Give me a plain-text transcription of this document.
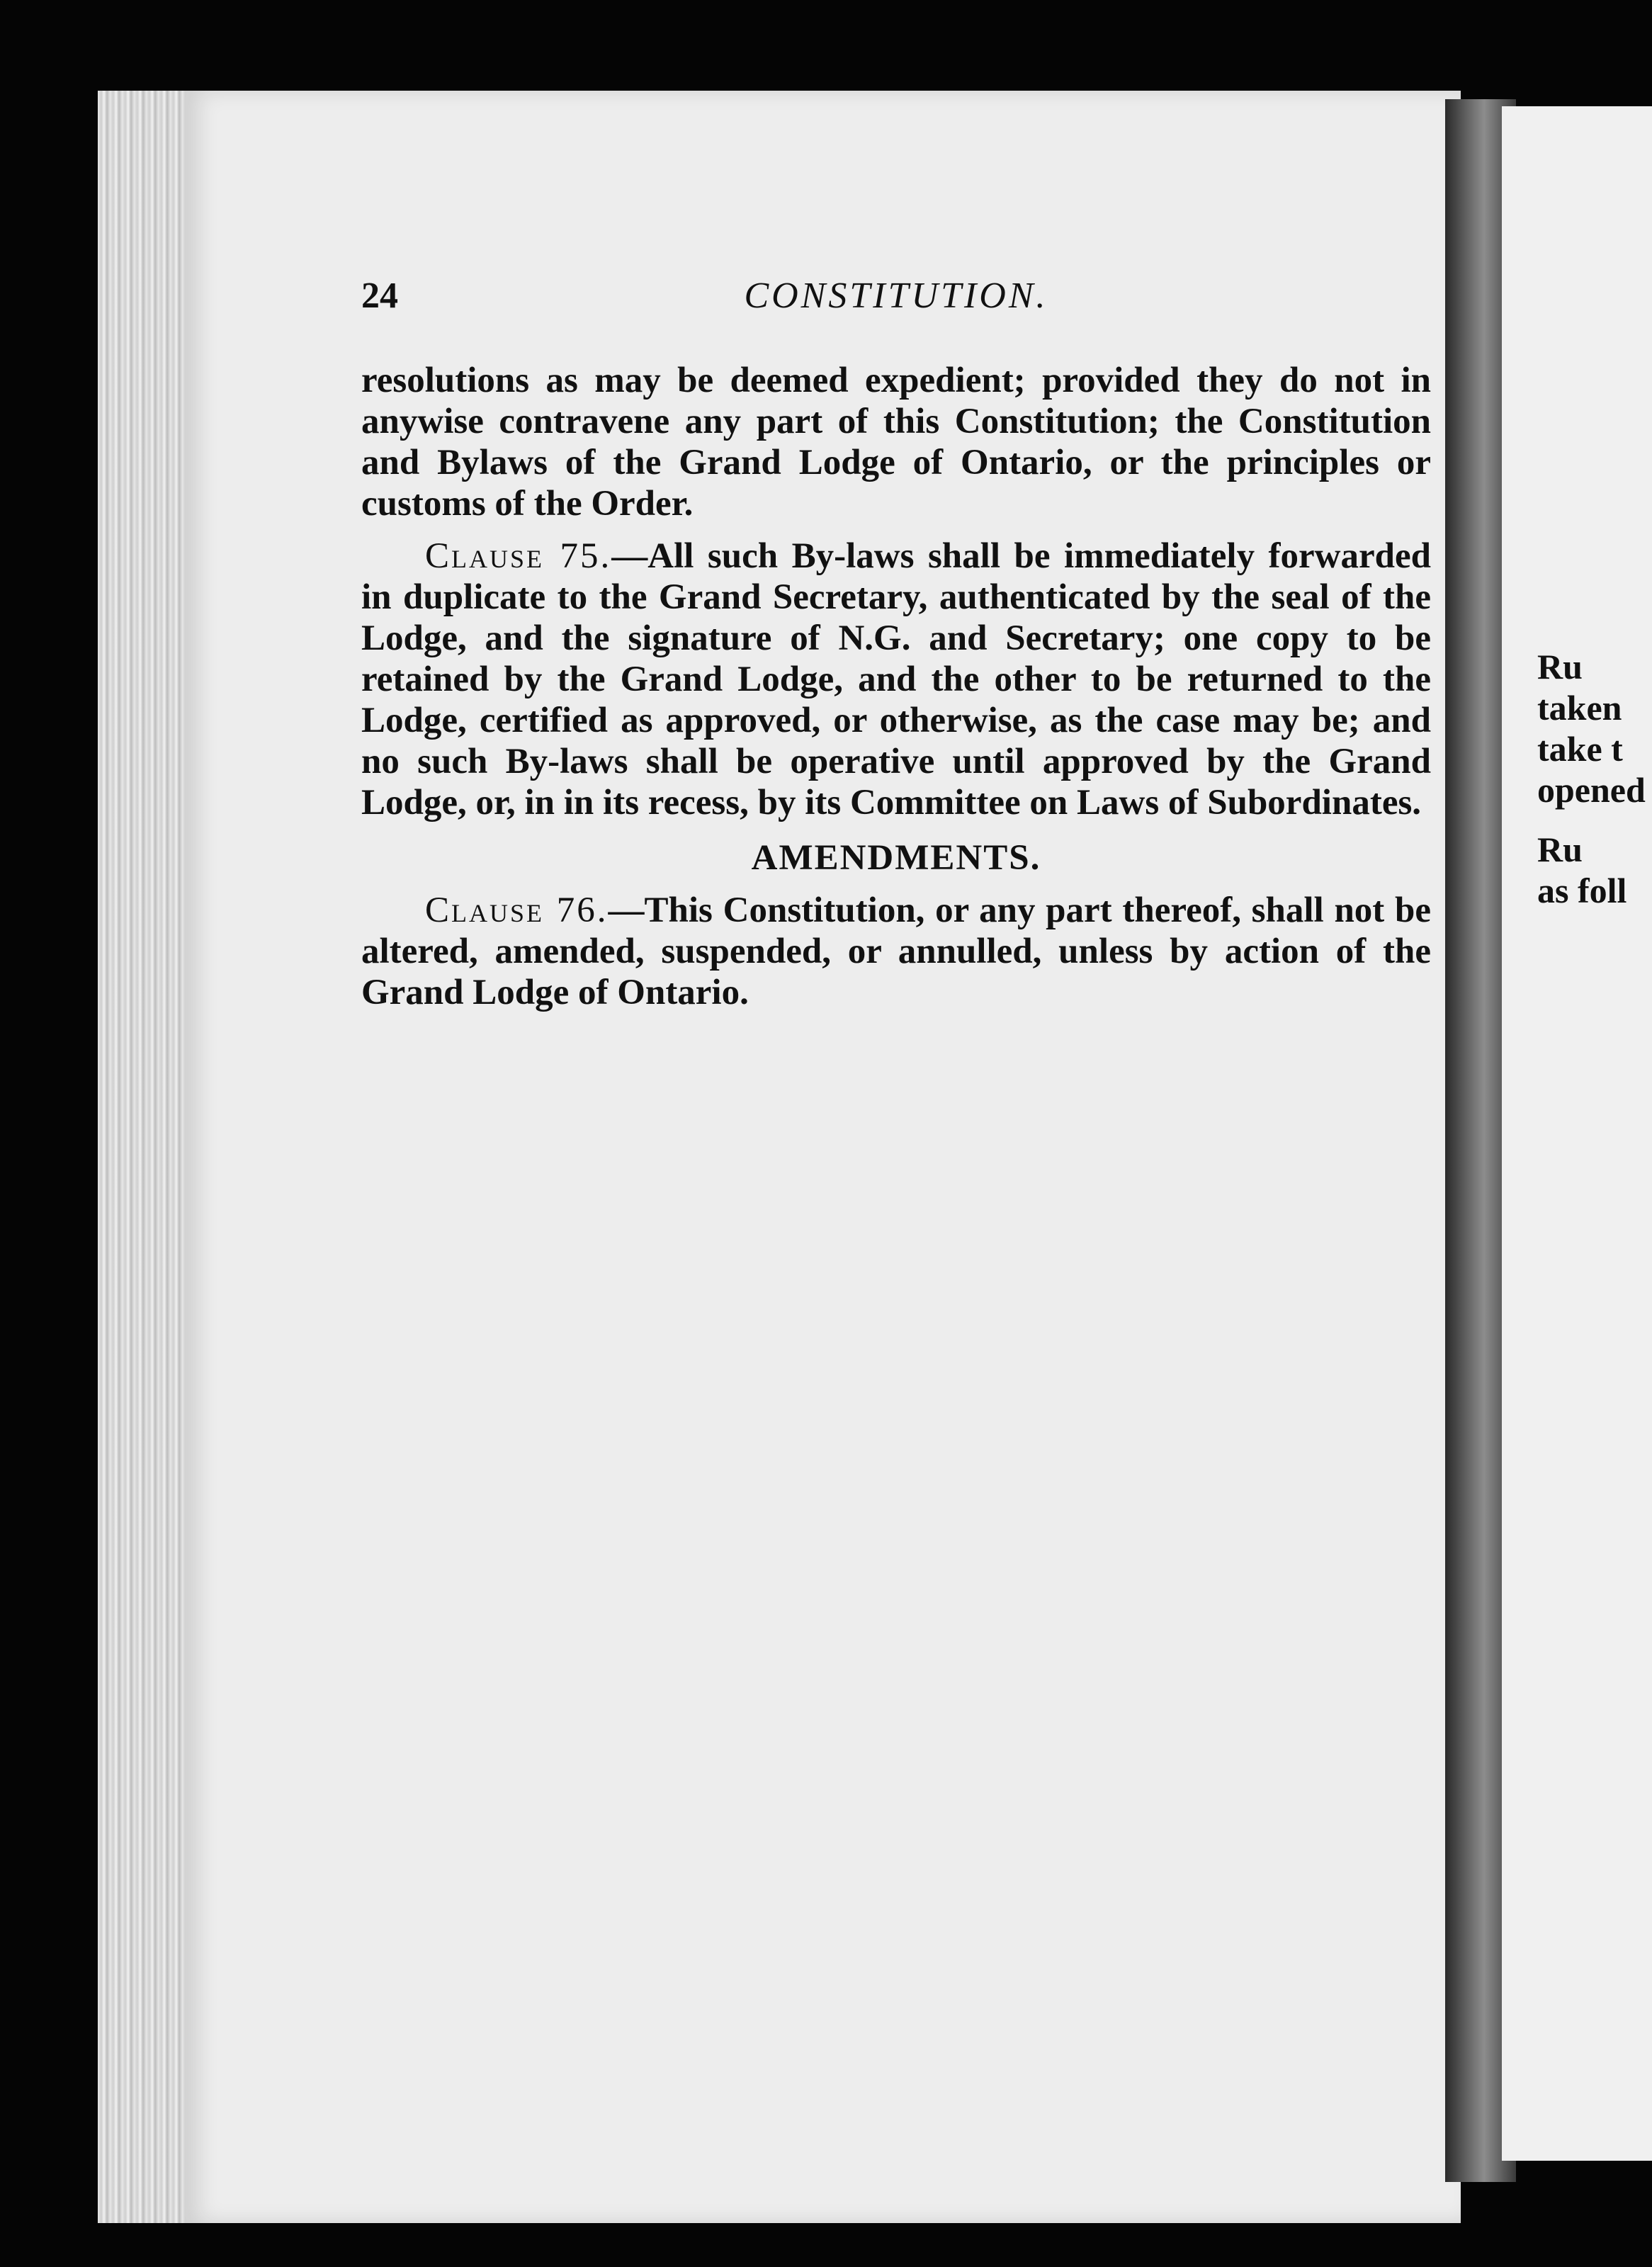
24	CONSTITUTION.

resolutions as may be deemed expedient; provided they do not in anywise contravene any part of this Constitution; the Constitution and Bylaws of the Grand Lodge of Ontario, or the principles or customs of the Order.

Clause 75.—All such By-laws shall be immediately forwarded in duplicate to the Grand Secretary, authenticated by the seal of the Lodge, and the signature of N.G. and Secretary; one copy to be retained by the Grand Lodge, and the other to be returned to the Lodge, certified as approved, or otherwise, as the case may be; and no such By-laws shall be operative until approved by the Grand Lodge, or, in in its recess, by its Committee on Laws of Subordinates.

AMENDMENTS.

Clause 76.—This Constitution, or any part thereof, shall not be altered, amended, suspended, or annulled, unless by action of the Grand Lodge of Ontario.

Ru
taken
take t
opened
Ru
as foll
